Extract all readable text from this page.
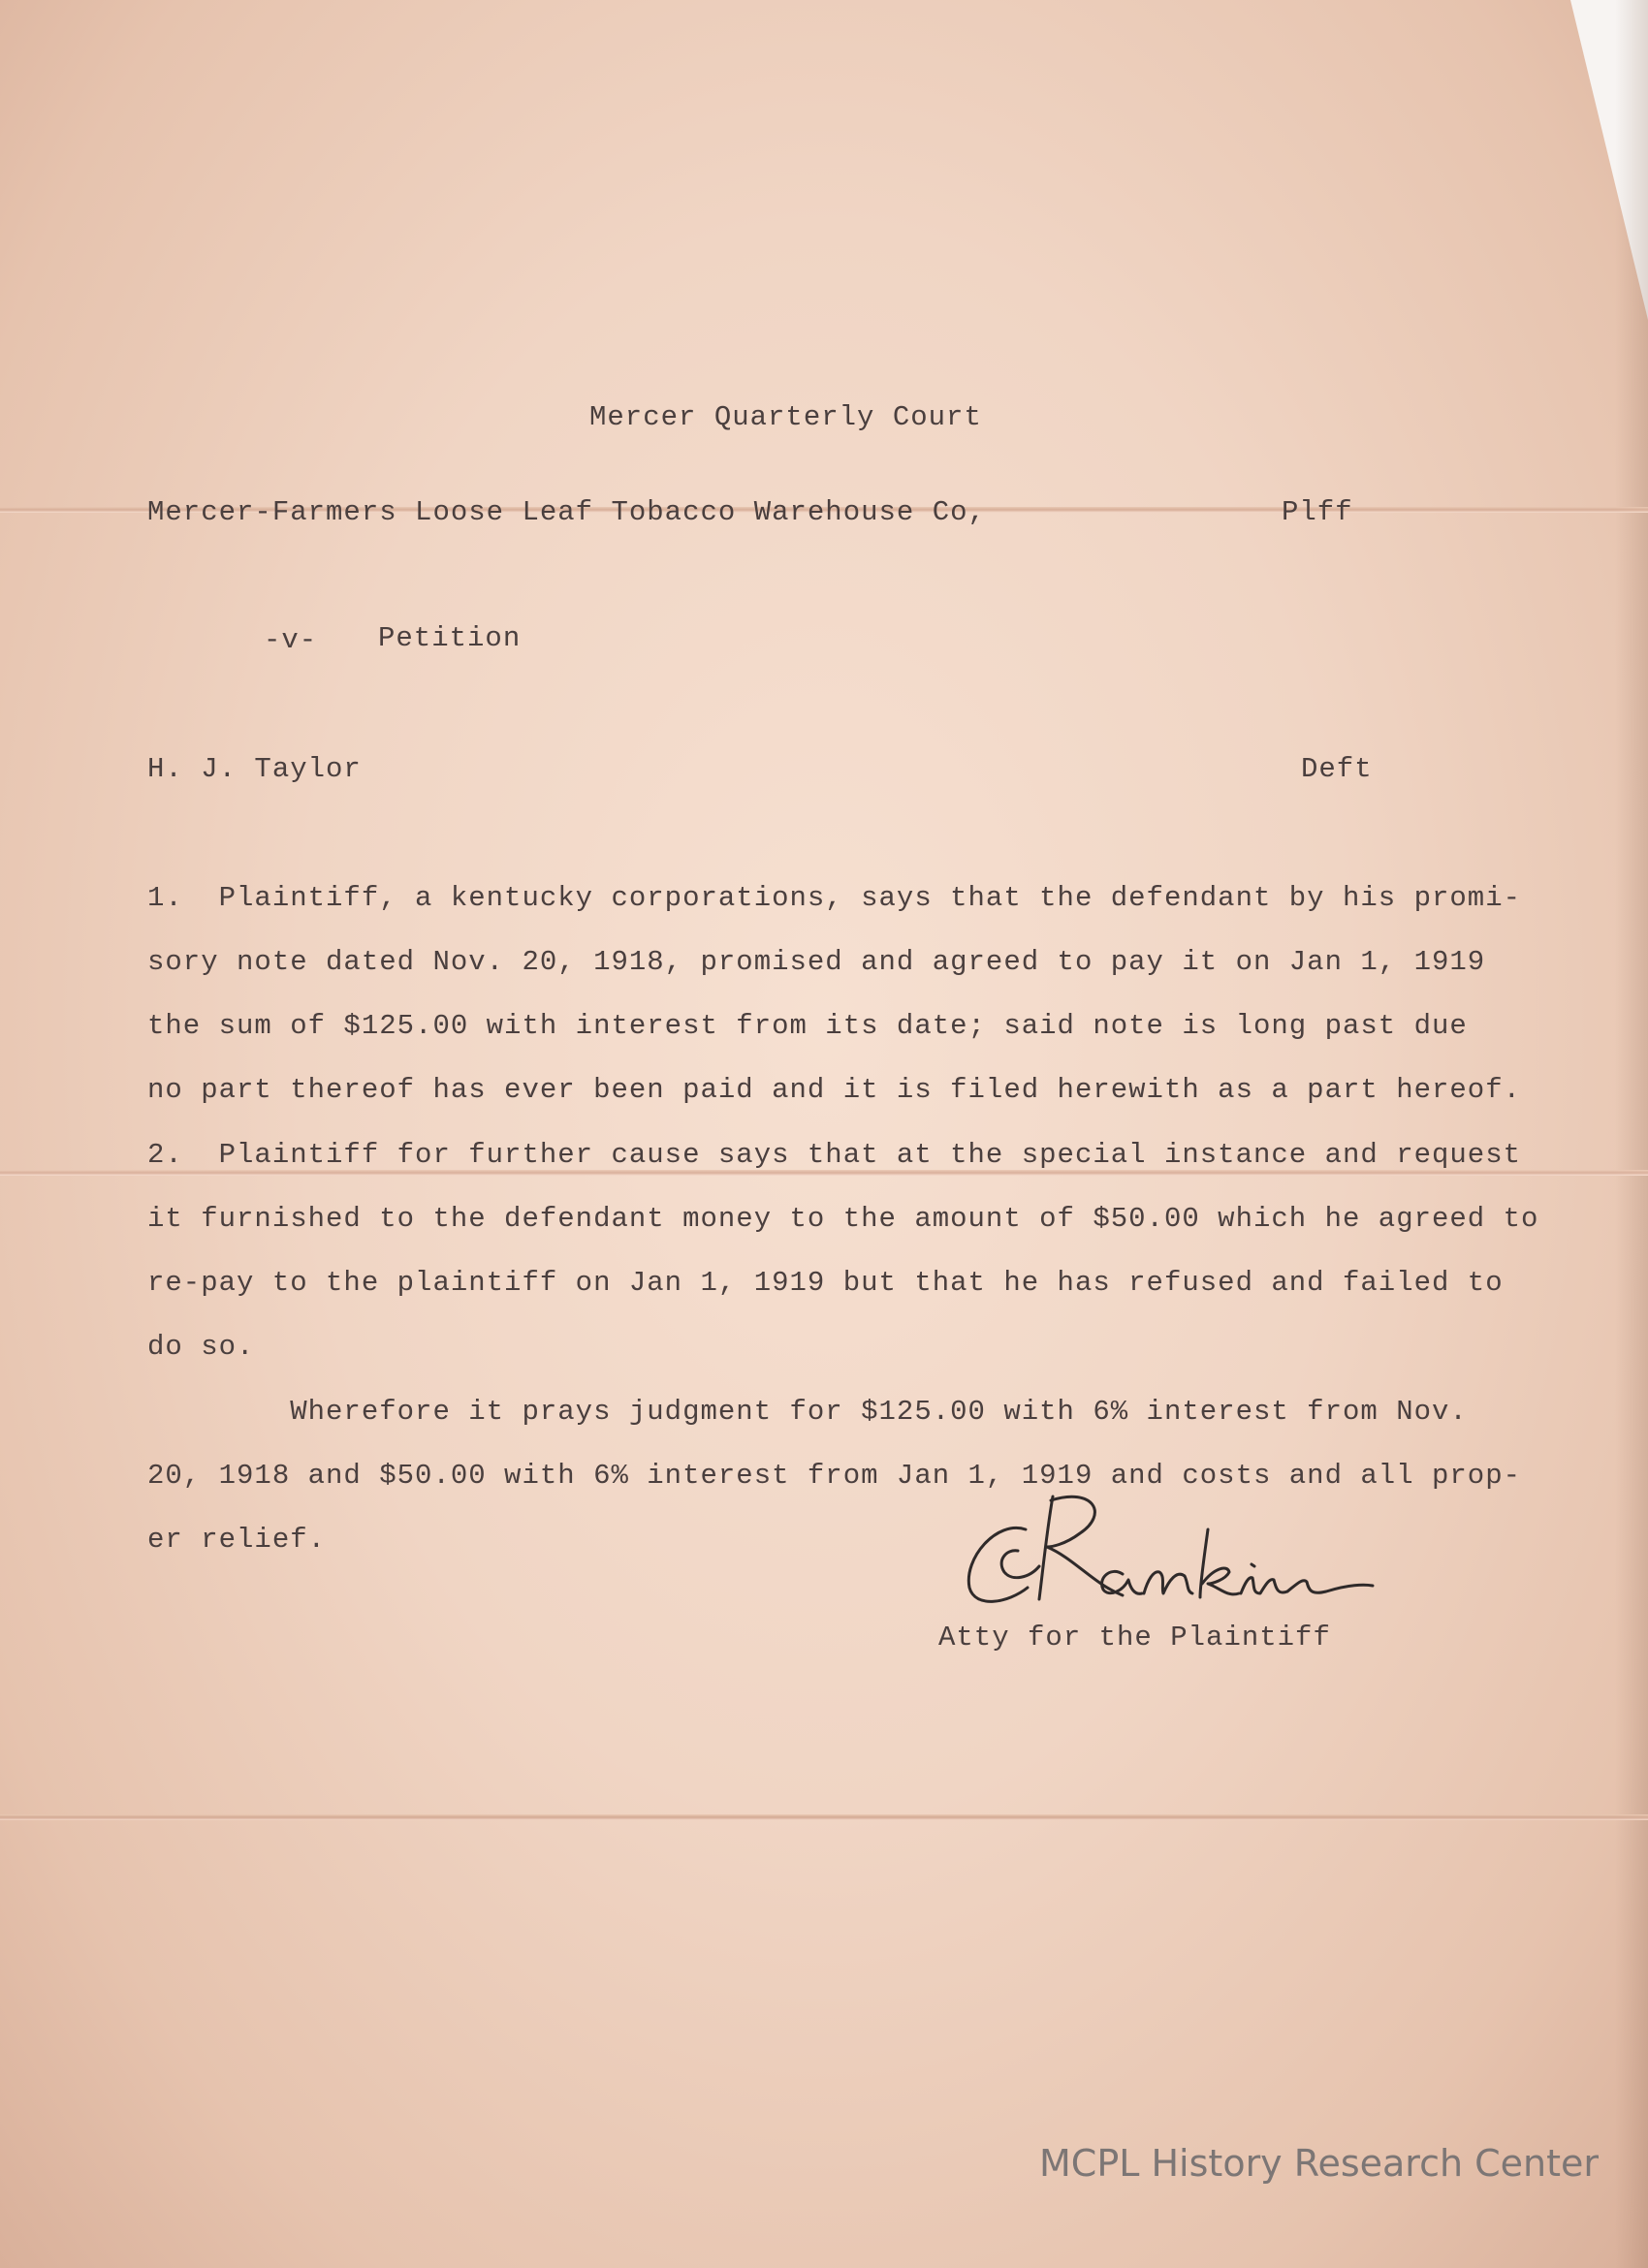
Mercer Quarterly Court
Mercer-Farmers Loose Leaf Tobacco Warehouse Co,	Plff
-v- Petition
H. J. Taylor	Deft
1.  Plaintiff, a kentucky corporations, says that the defendant by his promi-
sory note dated Nov. 20, 1918, promised and agreed to pay it on Jan 1, 1919
the sum of $125.00 with interest from its date; said note is long past due
no part thereof has ever been paid and it is filed herewith as a part hereof.
2.  Plaintiff for further cause says that at the special instance and request
it furnished to the defendant money to the amount of $50.00 which he agreed to
re-pay to the plaintiff on Jan 1, 1919 but that he has refused and failed to
do so.
Wherefore it prays judgment for $125.00 with 6% interest from Nov.
20, 1918 and $50.00 with 6% interest from Jan 1, 1919 and costs and all prop-
er relief.
Atty for the Plaintiff
MCPL History Research Center
